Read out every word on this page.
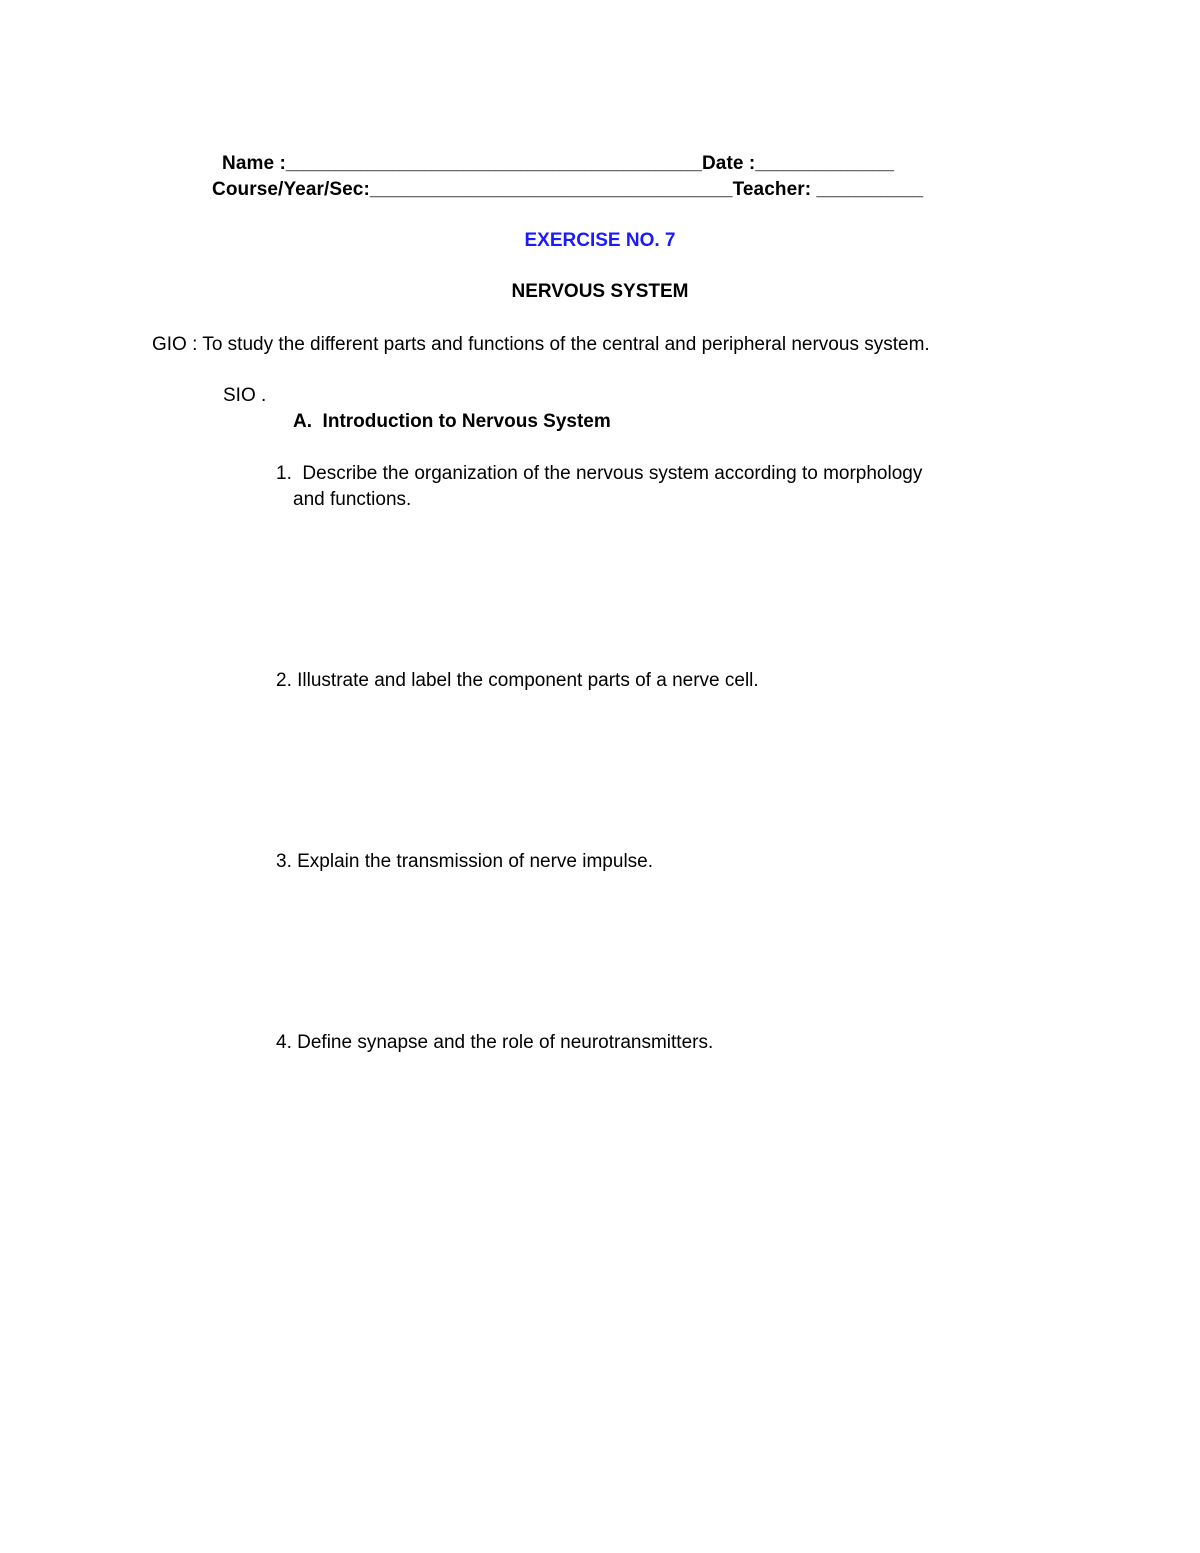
Name :_______________________________________Date :_____________
Course/Year/Sec:__________________________________Teacher: __________
EXERCISE NO. 7
NERVOUS SYSTEM
GIO : To study the different parts and functions of the central and peripheral nervous system.
SIO .
A.  Introduction to Nervous System
1.  Describe the organization of the nervous system according to morphology
and functions.
2. Illustrate and label the component parts of a nerve cell.
3. Explain the transmission of nerve impulse.
4. Define synapse and the role of neurotransmitters.
